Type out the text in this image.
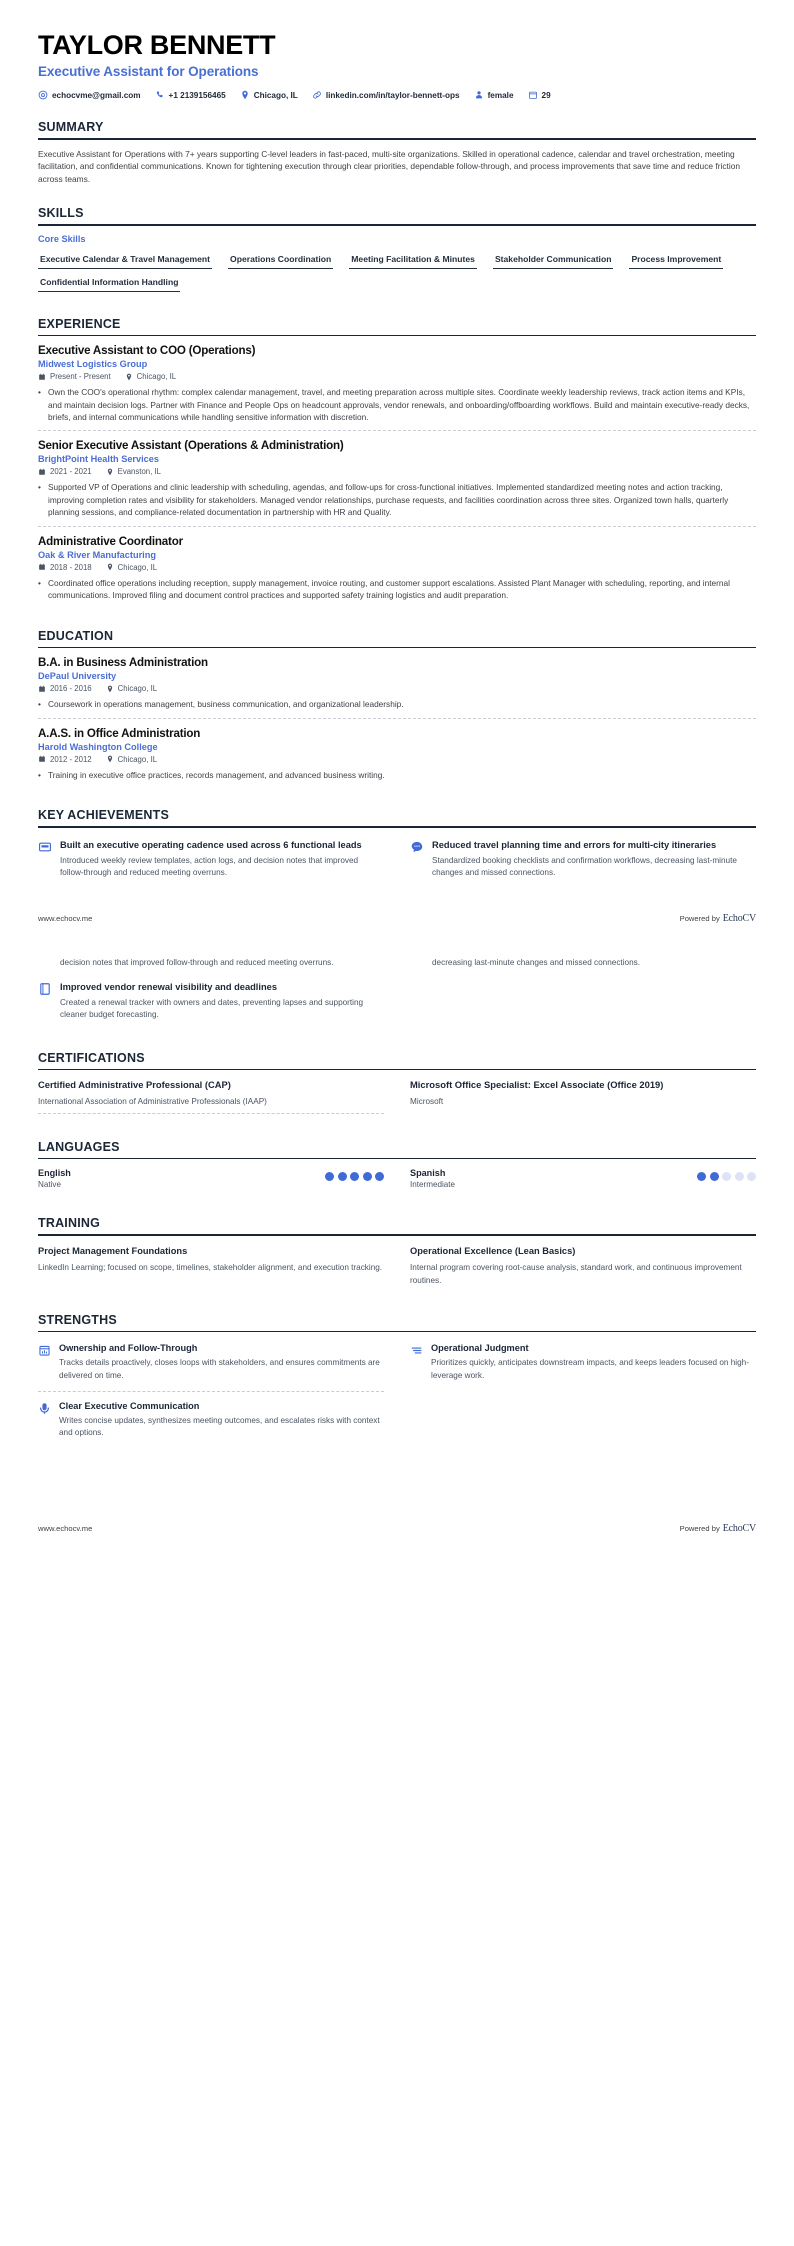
TAYLOR BENNETT
Executive Assistant for Operations
echocvme@gmail.com	+1 2139156465	Chicago, IL	linkedin.com/in/taylor-bennett-ops	female	29
SUMMARY
Executive Assistant for Operations with 7+ years supporting C-level leaders in fast-paced, multi-site organizations. Skilled in operational cadence, calendar and travel orchestration, meeting facilitation, and confidential communications. Known for tightening execution through clear priorities, dependable follow-through, and process improvements that save time and reduce friction across teams.
SKILLS
Core Skills
Executive Calendar & Travel Management Operations Coordination Meeting Facilitation & Minutes Stakeholder Communication Process Improvement
Confidential Information Handling
EXPERIENCE
Executive Assistant to COO (Operations)
Midwest Logistics Group
Present - Present	Chicago, IL
• Own the COO's operational rhythm: complex calendar management, travel, and meeting preparation across multiple sites. Coordinate weekly leadership reviews, track action items and KPIs, and maintain decision logs. Partner with Finance and People Ops on headcount approvals, vendor renewals, and onboarding/offboarding workflows. Build and maintain executive-ready decks, briefs, and internal communications while handling sensitive information with discretion.
Senior Executive Assistant (Operations & Administration)
BrightPoint Health Services
2021 - 2021	Evanston, IL
• Supported VP of Operations and clinic leadership with scheduling, agendas, and follow-ups for cross-functional initiatives. Implemented standardized meeting notes and action tracking, improving completion rates and visibility for stakeholders. Managed vendor relationships, purchase requests, and facilities coordination across three sites. Organized town halls, quarterly planning sessions, and compliance-related documentation in partnership with HR and Quality.
Administrative Coordinator
Oak & River Manufacturing
2018 - 2018	Chicago, IL
• Coordinated office operations including reception, supply management, invoice routing, and customer support escalations. Assisted Plant Manager with scheduling, reporting, and internal communications. Improved filing and document control practices and supported safety training logistics and audit preparation.
EDUCATION
B.A. in Business Administration
DePaul University
2016 - 2016	Chicago, IL
• Coursework in operations management, business communication, and organizational leadership.
A.A.S. in Office Administration
Harold Washington College
2012 - 2012	Chicago, IL
• Training in executive office practices, records management, and advanced business writing.
KEY ACHIEVEMENTS
Built an executive operating cadence used across 6 functional leads
Introduced weekly review templates, action logs, and decision notes that improved follow-through and reduced meeting overruns.
Reduced travel planning time and errors for multi-city itineraries
Standardized booking checklists and confirmation workflows, decreasing last-minute changes and missed connections.
www.echocv.me	Powered by EchoCV
decision notes that improved follow-through and reduced meeting overruns.
Improved vendor renewal visibility and deadlines
Created a renewal tracker with owners and dates, preventing lapses and supporting cleaner budget forecasting.
decreasing last-minute changes and missed connections.
CERTIFICATIONS
Certified Administrative Professional (CAP)
International Association of Administrative Professionals (IAAP)
Microsoft Office Specialist: Excel Associate (Office 2019)
Microsoft
LANGUAGES
English
Native
Spanish
Intermediate
TRAINING
Project Management Foundations
LinkedIn Learning; focused on scope, timelines, stakeholder alignment, and execution tracking.
Operational Excellence (Lean Basics)
Internal program covering root-cause analysis, standard work, and continuous improvement routines.
STRENGTHS
Ownership and Follow-Through
Tracks details proactively, closes loops with stakeholders, and ensures commitments are delivered on time.
Clear Executive Communication
Writes concise updates, synthesizes meeting outcomes, and escalates risks with context and options.
Operational Judgment
Prioritizes quickly, anticipates downstream impacts, and keeps leaders focused on high-leverage work.
www.echocv.me	Powered by EchoCV
